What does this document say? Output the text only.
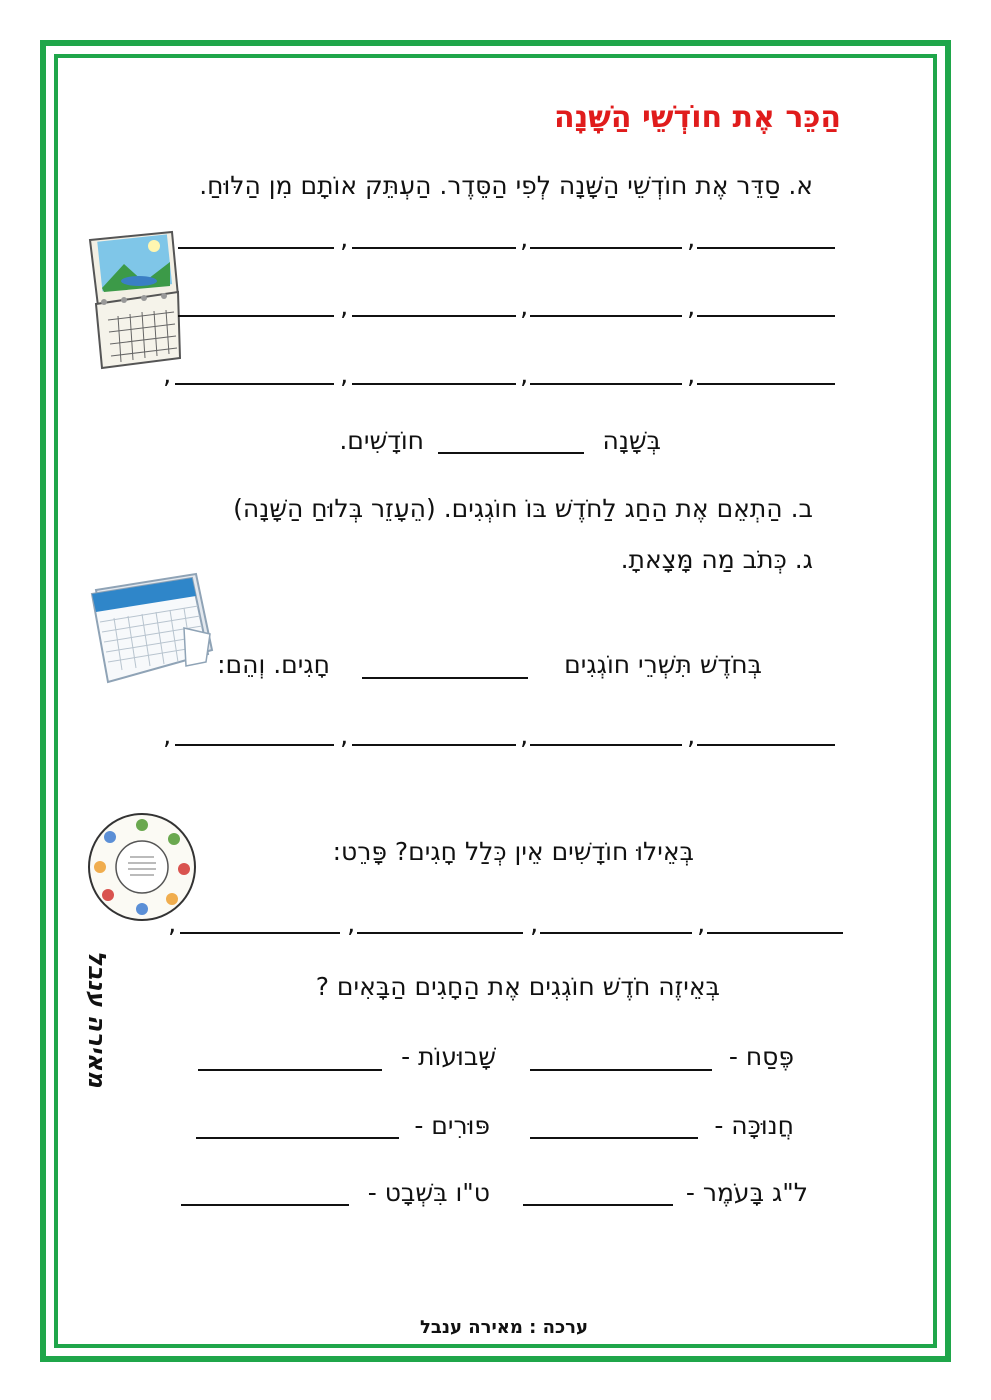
הַכֵּר אֶת חוֹדְשֵׁי הַשָּׁנָה
א. סַדֵּר אֶת חוֹדְשֵׁי הַשָּׁנָה לְפִי הַסֵּדֶר. הַעְתֵּק אוֹתָם מִן הַלּוּחַ.
,
,
,
,
,
,
,
,
,
,
בְּשָׁנָה
חוֹדָשִׁים.
ב. הַתְאֵם אֶת הַחַג לַחֹדֶשׁ בּוֹ חוֹגְגִים. (הֵעָזֵר בְּלוּחַ הַשָּׁנָה)
ג. כְּתֹב מַה מָּצָאתָ.
בְּחֹדֶשׁ תִּשְׁרֵי חוֹגְגִים
חָגִים. וְהֵם:
,
,
,
,
בְּאֵילוּ חוֹדָשִׁים אֵין כְּלַל חָגִים? פָּרֵט:
,
,
,
,
מאירה ענבל	בְּאֵיזֶה חֹדֶשׁ חוֹגְגִים אֶת הַחָגִים הַבָּאִים ?
פֶּסַח -
שָׁבוּעוֹת -
חֲנוּכָּה -
פּוּרִים -
ל"ג בָּעֹמֶר -
ט"ו בִּשְׁבָט -
ערכה : מאירה ענבל
